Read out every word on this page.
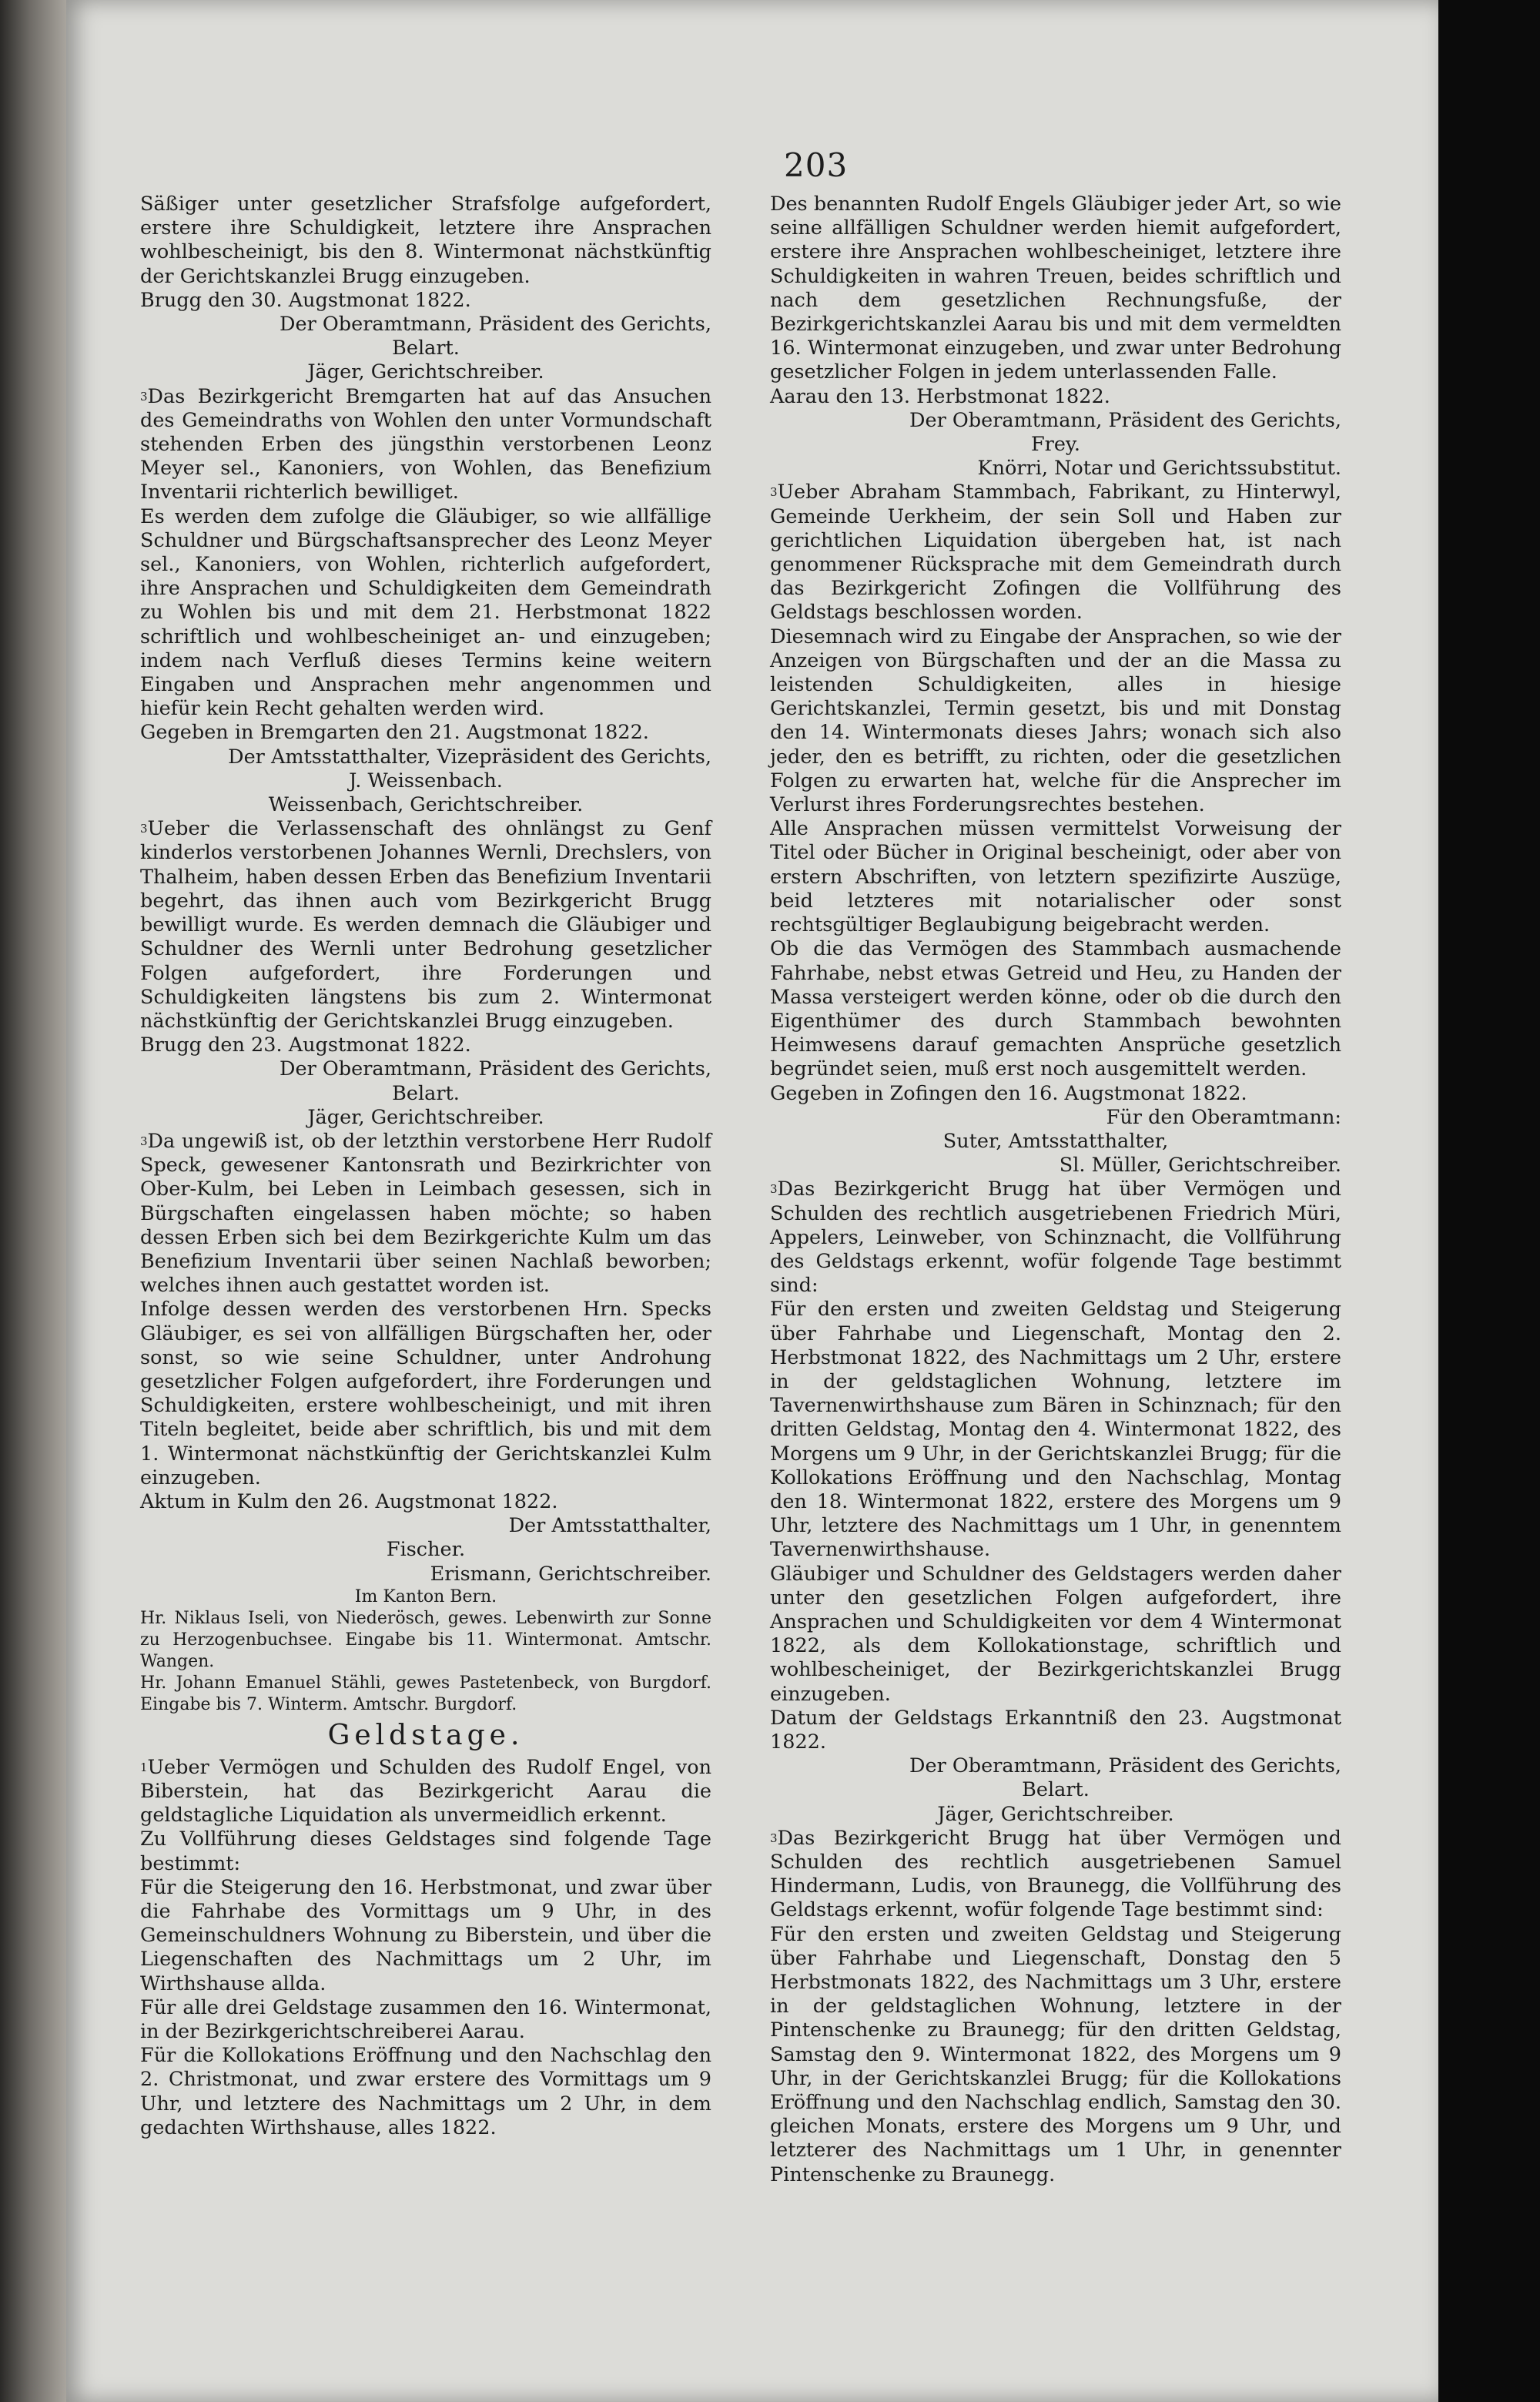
203

Säßiger unter gesetzlicher Strafsfolge aufgefordert, erstere ihre Schuldigkeit, letztere ihre Ansprachen wohlbescheinigt, bis den 8. Wintermonat nächstkünftig der Gerichtskanzlei Brugg einzugeben.

Brugg den 30. Augstmonat 1822.

Der Oberamtmann, Präsident des Gerichts,

Belart.

Jäger, Gerichtschreiber.

$^3$Das Bezirkgericht Bremgarten hat auf das Ansuchen des Gemeindraths von Wohlen den unter Vormundschaft stehenden Erben des jüngsthin verstorbenen Leonz Meyer sel., Kanoniers, von Wohlen, das Benefizium Inventarii richterlich bewilliget.

Es werden dem zufolge die Gläubiger, so wie allfällige Schuldner und Bürgschaftsansprecher des Leonz Meyer sel., Kanoniers, von Wohlen, richterlich aufgefordert, ihre Ansprachen und Schuldigkeiten dem Gemeindrath zu Wohlen bis und mit dem 21. Herbstmonat 1822 schriftlich und wohlbescheiniget an- und einzugeben; indem nach Verfluß dieses Termins keine weitern Eingaben und Ansprachen mehr angenommen und hiefür kein Recht gehalten werden wird.

Gegeben in Bremgarten den 21. Augstmonat 1822.

Der Amtsstatthalter, Vizepräsident des Gerichts,

J. Weissenbach.

Weissenbach, Gerichtschreiber.

$^3$Ueber die Verlassenschaft des ohnlängst zu Genf kinderlos verstorbenen Johannes Wernli, Drechslers, von Thalheim, haben dessen Erben das Benefizium Inventarii begehrt, das ihnen auch vom Bezirkgericht Brugg bewilligt wurde. Es werden demnach die Gläubiger und Schuldner des Wernli unter Bedrohung gesetzlicher Folgen aufgefordert, ihre Forderungen und Schuldigkeiten längstens bis zum 2. Wintermonat nächstkünftig der Gerichtskanzlei Brugg einzugeben.

Brugg den 23. Augstmonat 1822.

Der Oberamtmann, Präsident des Gerichts,

Belart.

Jäger, Gerichtschreiber.

$^3$Da ungewiß ist, ob der letzthin verstorbene Herr Rudolf Speck, gewesener Kantonsrath und Bezirkrichter von Ober-Kulm, bei Leben in Leimbach gesessen, sich in Bürgschaften eingelassen haben möchte; so haben dessen Erben sich bei dem Bezirkgerichte Kulm um das Benefizium Inventarii über seinen Nachlaß beworben; welches ihnen auch gestattet worden ist.

Infolge dessen werden des verstorbenen Hrn. Specks Gläubiger, es sei von allfälligen Bürgschaften her, oder sonst, so wie seine Schuldner, unter Androhung gesetzlicher Folgen aufgefordert, ihre Forderungen und Schuldigkeiten, erstere wohlbescheinigt, und mit ihren Titeln begleitet, beide aber schriftlich, bis und mit dem 1. Wintermonat nächstkünftig der Gerichtskanzlei Kulm einzugeben.

Aktum in Kulm den 26. Augstmonat 1822.

Der Amtsstatthalter,

Fischer.

Erismann, Gerichtschreiber.

Im Kanton Bern.

Hr. Niklaus Iseli, von Niederösch, gewes. Lebenwirth zur Sonne zu Herzogenbuchsee. Eingabe bis 11. Wintermonat. Amtschr. Wangen.

Hr. Johann Emanuel Stähli, gewes Pastetenbeck, von Burgdorf. Eingabe bis 7. Winterm. Amtschr. Burgdorf.

Geldstage.

$^1$Ueber Vermögen und Schulden des Rudolf Engel, von Biberstein, hat das Bezirkgericht Aarau die geldstagliche Liquidation als unvermeidlich erkennt.

Zu Vollführung dieses Geldstages sind folgende Tage bestimmt:

Für die Steigerung den 16. Herbstmonat, und zwar über die Fahrhabe des Vormittags um 9 Uhr, in des Gemeinschuldners Wohnung zu Biberstein, und über die Liegenschaften des Nachmittags um 2 Uhr, im Wirthshause allda.

Für alle drei Geldstage zusammen den 16. Wintermonat, in der Bezirkgerichtschreiberei Aarau.

Für die Kollokations Eröffnung und den Nachschlag den 2. Christmonat, und zwar erstere des Vormittags um 9 Uhr, und letztere des Nachmittags um 2 Uhr, in dem gedachten Wirthshause, alles 1822.

Des benannten Rudolf Engels Gläubiger jeder Art, so wie seine allfälligen Schuldner werden hiemit aufgefordert, erstere ihre Ansprachen wohlbescheiniget, letztere ihre Schuldigkeiten in wahren Treuen, beides schriftlich und nach dem gesetzlichen Rechnungsfuße, der Bezirkgerichtskanzlei Aarau bis und mit dem vermeldten 16. Wintermonat einzugeben, und zwar unter Bedrohung gesetzlicher Folgen in jedem unterlassenden Falle.

Aarau den 13. Herbstmonat 1822.

Der Oberamtmann, Präsident des Gerichts,

Frey.

Knörri, Notar und Gerichtssubstitut.

$^3$Ueber Abraham Stammbach, Fabrikant, zu Hinterwyl, Gemeinde Uerkheim, der sein Soll und Haben zur gerichtlichen Liquidation übergeben hat, ist nach genommener Rücksprache mit dem Gemeindrath durch das Bezirkgericht Zofingen die Vollführung des Geldstags beschlossen worden.

Diesemnach wird zu Eingabe der Ansprachen, so wie der Anzeigen von Bürgschaften und der an die Massa zu leistenden Schuldigkeiten, alles in hiesige Gerichtskanzlei, Termin gesetzt, bis und mit Donstag den 14. Wintermonats dieses Jahrs; wonach sich also jeder, den es betrifft, zu richten, oder die gesetzlichen Folgen zu erwarten hat, welche für die Ansprecher im Verlurst ihres Forderungsrechtes bestehen.

Alle Ansprachen müssen vermittelst Vorweisung der Titel oder Bücher in Original bescheinigt, oder aber von erstern Abschriften, von letztern spezifizirte Auszüge, beid letzteres mit notarialischer oder sonst rechtsgültiger Beglaubigung beigebracht werden.

Ob die das Vermögen des Stammbach ausmachende Fahrhabe, nebst etwas Getreid und Heu, zu Handen der Massa versteigert werden könne, oder ob die durch den Eigenthümer des durch Stammbach bewohnten Heimwesens darauf gemachten Ansprüche gesetzlich begründet seien, muß erst noch ausgemittelt werden.

Gegeben in Zofingen den 16. Augstmonat 1822.

Für den Oberamtmann:

Suter, Amtsstatthalter,

Sl. Müller, Gerichtschreiber.

$^3$Das Bezirkgericht Brugg hat über Vermögen und Schulden des rechtlich ausgetriebenen Friedrich Müri, Appelers, Leinweber, von Schinznacht, die Vollführung des Geldstags erkennt, wofür folgende Tage bestimmt sind:

Für den ersten und zweiten Geldstag und Steigerung über Fahrhabe und Liegenschaft, Montag den 2. Herbstmonat 1822, des Nachmittags um 2 Uhr, erstere in der geldstaglichen Wohnung, letztere im Tavernenwirthshause zum Bären in Schinznach; für den dritten Geldstag, Montag den 4. Wintermonat 1822, des Morgens um 9 Uhr, in der Gerichtskanzlei Brugg; für die Kollokations Eröffnung und den Nachschlag, Montag den 18. Wintermonat 1822, erstere des Morgens um 9 Uhr, letztere des Nachmittags um 1 Uhr, in genenntem Tavernenwirthshause.

Gläubiger und Schuldner des Geldstagers werden daher unter den gesetzlichen Folgen aufgefordert, ihre Ansprachen und Schuldigkeiten vor dem 4 Wintermonat 1822, als dem Kollokationstage, schriftlich und wohlbescheiniget, der Bezirkgerichtskanzlei Brugg einzugeben.

Datum der Geldstags Erkanntniß den 23. Augstmonat 1822.

Der Oberamtmann, Präsident des Gerichts,

Belart.

Jäger, Gerichtschreiber.

$^3$Das Bezirkgericht Brugg hat über Vermögen und Schulden des rechtlich ausgetriebenen Samuel Hindermann, Ludis, von Braunegg, die Vollführung des Geldstags erkennt, wofür folgende Tage bestimmt sind:

Für den ersten und zweiten Geldstag und Steigerung über Fahrhabe und Liegenschaft, Donstag den 5 Herbstmonats 1822, des Nachmittags um 3 Uhr, erstere in der geldstaglichen Wohnung, letztere in der Pintenschenke zu Braunegg; für den dritten Geldstag, Samstag den 9. Wintermonat 1822, des Morgens um 9 Uhr, in der Gerichtskanzlei Brugg; für die Kollokations Eröffnung und den Nachschlag endlich, Samstag den 30. gleichen Monats, erstere des Morgens um 9 Uhr, und letzterer des Nachmittags um 1 Uhr, in genennter Pintenschenke zu Braunegg.
